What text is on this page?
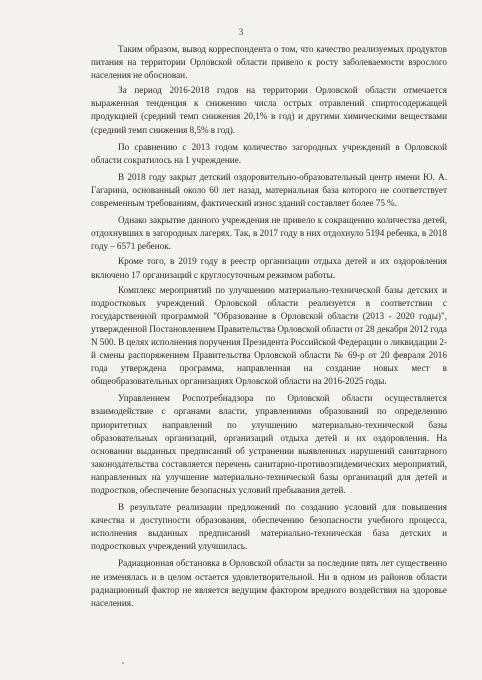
3

Таким образом, вывод корреспондента о том, что качество реализуемых продуктов питания на территории Орловской области привело к росту заболеваемости взрослого населения не обоснован.

За период 2016-2018 годов на территории Орловской области отмечается выраженная тенденция к снижению числа острых отравлений спиртосодержащей продукцией (средний темп снижения 20,1% в год) и другими химическими веществами (средний темп снижения 8,5% в год).

По сравнению с 2013 годом количество загородных учреждений в Орловской области сократилось на 1 учреждение.

В 2018 году закрыт детский оздоровительно-образовательный центр имени Ю. А. Гагарина, основанный около 60 лет назад, материальная база которого не соответствует современным требованиям, фактический износ зданий составляет более 75 %.

Однако закрытие данного учреждения не привело к сокращению количества детей, отдохнувших в загородных лагерях. Так, в 2017 году в них отдохнуло 5194 ребенка, в 2018 году – 6571 ребенок.

Кроме того, в 2019 году в реестр организации отдыха детей и их оздоровления включено 17 организаций с круглосуточным режимом работы.

Комплекс мероприятий по улучшению материально-технической базы детских и подростковых учреждений Орловской области реализуется в соответствии с государственной программой "Образование в Орловской области (2013 - 2020 годы)", утвержденной Постановлением Правительства Орловской области от 28 декабря 2012 года N 500. В целях исполнения поручения Президента Российской Федерации о ликвидации 2-й смены распоряжением Правительства Орловской области № 69-р от 20 февраля 2016 года утверждена программа, направленная на создание новых мест в общеобразовательных организациях Орловской области на 2016-2025 годы.

Управлением Роспотребнадзора по Орловской области осуществляется взаимодействие с органами власти, управлениями образований по определению приоритетных направлений по улучшению материально-технической базы образовательных организаций, организаций отдыха детей и их оздоровления. На основании выданных предписаний об устранении выявленных нарушений санитарного законодательства составляется перечень санитарно-противоэпидемических мероприятий, направленных на улучшение материально-технической базы организаций для детей и подростков, обеспечение безопасных условий пребывания детей.

В результате реализации предложений по созданию условий для повышения качества и доступности образования, обеспечению безопасности учебного процесса, исполнения выданных предписаний материально-техническая база детских и подростковых учреждений улучшилась.

Радиационная обстановка в Орловской области за последние пять лет существенно не изменялась и в целом остается удовлетворительной. Ни в одном из районов области радиационный фактор не является ведущим фактором вредного воздействия на здоровье населения.
